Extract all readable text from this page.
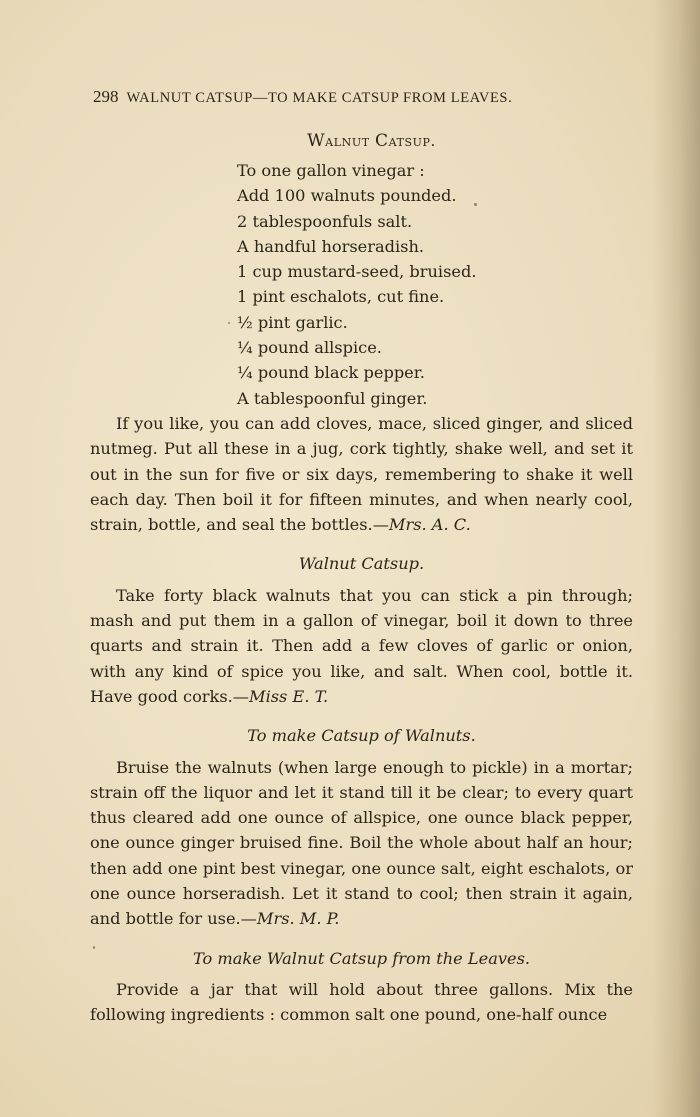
298 WALNUT CATSUP—TO MAKE CATSUP FROM LEAVES.
Walnut Catsup.
To one gallon vinegar :
Add 100 walnuts pounded.
2 tablespoonfuls salt.
A handful horseradish.
1 cup mustard-seed, bruised.
1 pint eschalots, cut fine.
½ pint garlic.
¼ pound allspice.
¼ pound black pepper.
A tablespoonful ginger.

If you like, you can add cloves, mace, sliced ginger, and sliced nutmeg. Put all these in a jug, cork tightly, shake well, and set it out in the sun for five or six days, remembering to shake it well each day. Then boil it for fifteen minutes, and when nearly cool, strain, bottle, and seal the bottles.—Mrs. A. C.

Walnut Catsup.

Take forty black walnuts that you can stick a pin through; mash and put them in a gallon of vinegar, boil it down to three quarts and strain it. Then add a few cloves of garlic or onion, with any kind of spice you like, and salt. When cool, bottle it. Have good corks.—Miss E. T.

To make Catsup of Walnuts.

Bruise the walnuts (when large enough to pickle) in a mortar; strain off the liquor and let it stand till it be clear; to every quart thus cleared add one ounce of allspice, one ounce black pepper, one ounce ginger bruised fine. Boil the whole about half an hour; then add one pint best vinegar, one ounce salt, eight eschalots, or one ounce horseradish. Let it stand to cool; then strain it again, and bottle for use.—Mrs. M. P.

To make Walnut Catsup from the Leaves.

Provide a jar that will hold about three gallons. Mix the following ingredients : common salt one pound, one-half ounce
